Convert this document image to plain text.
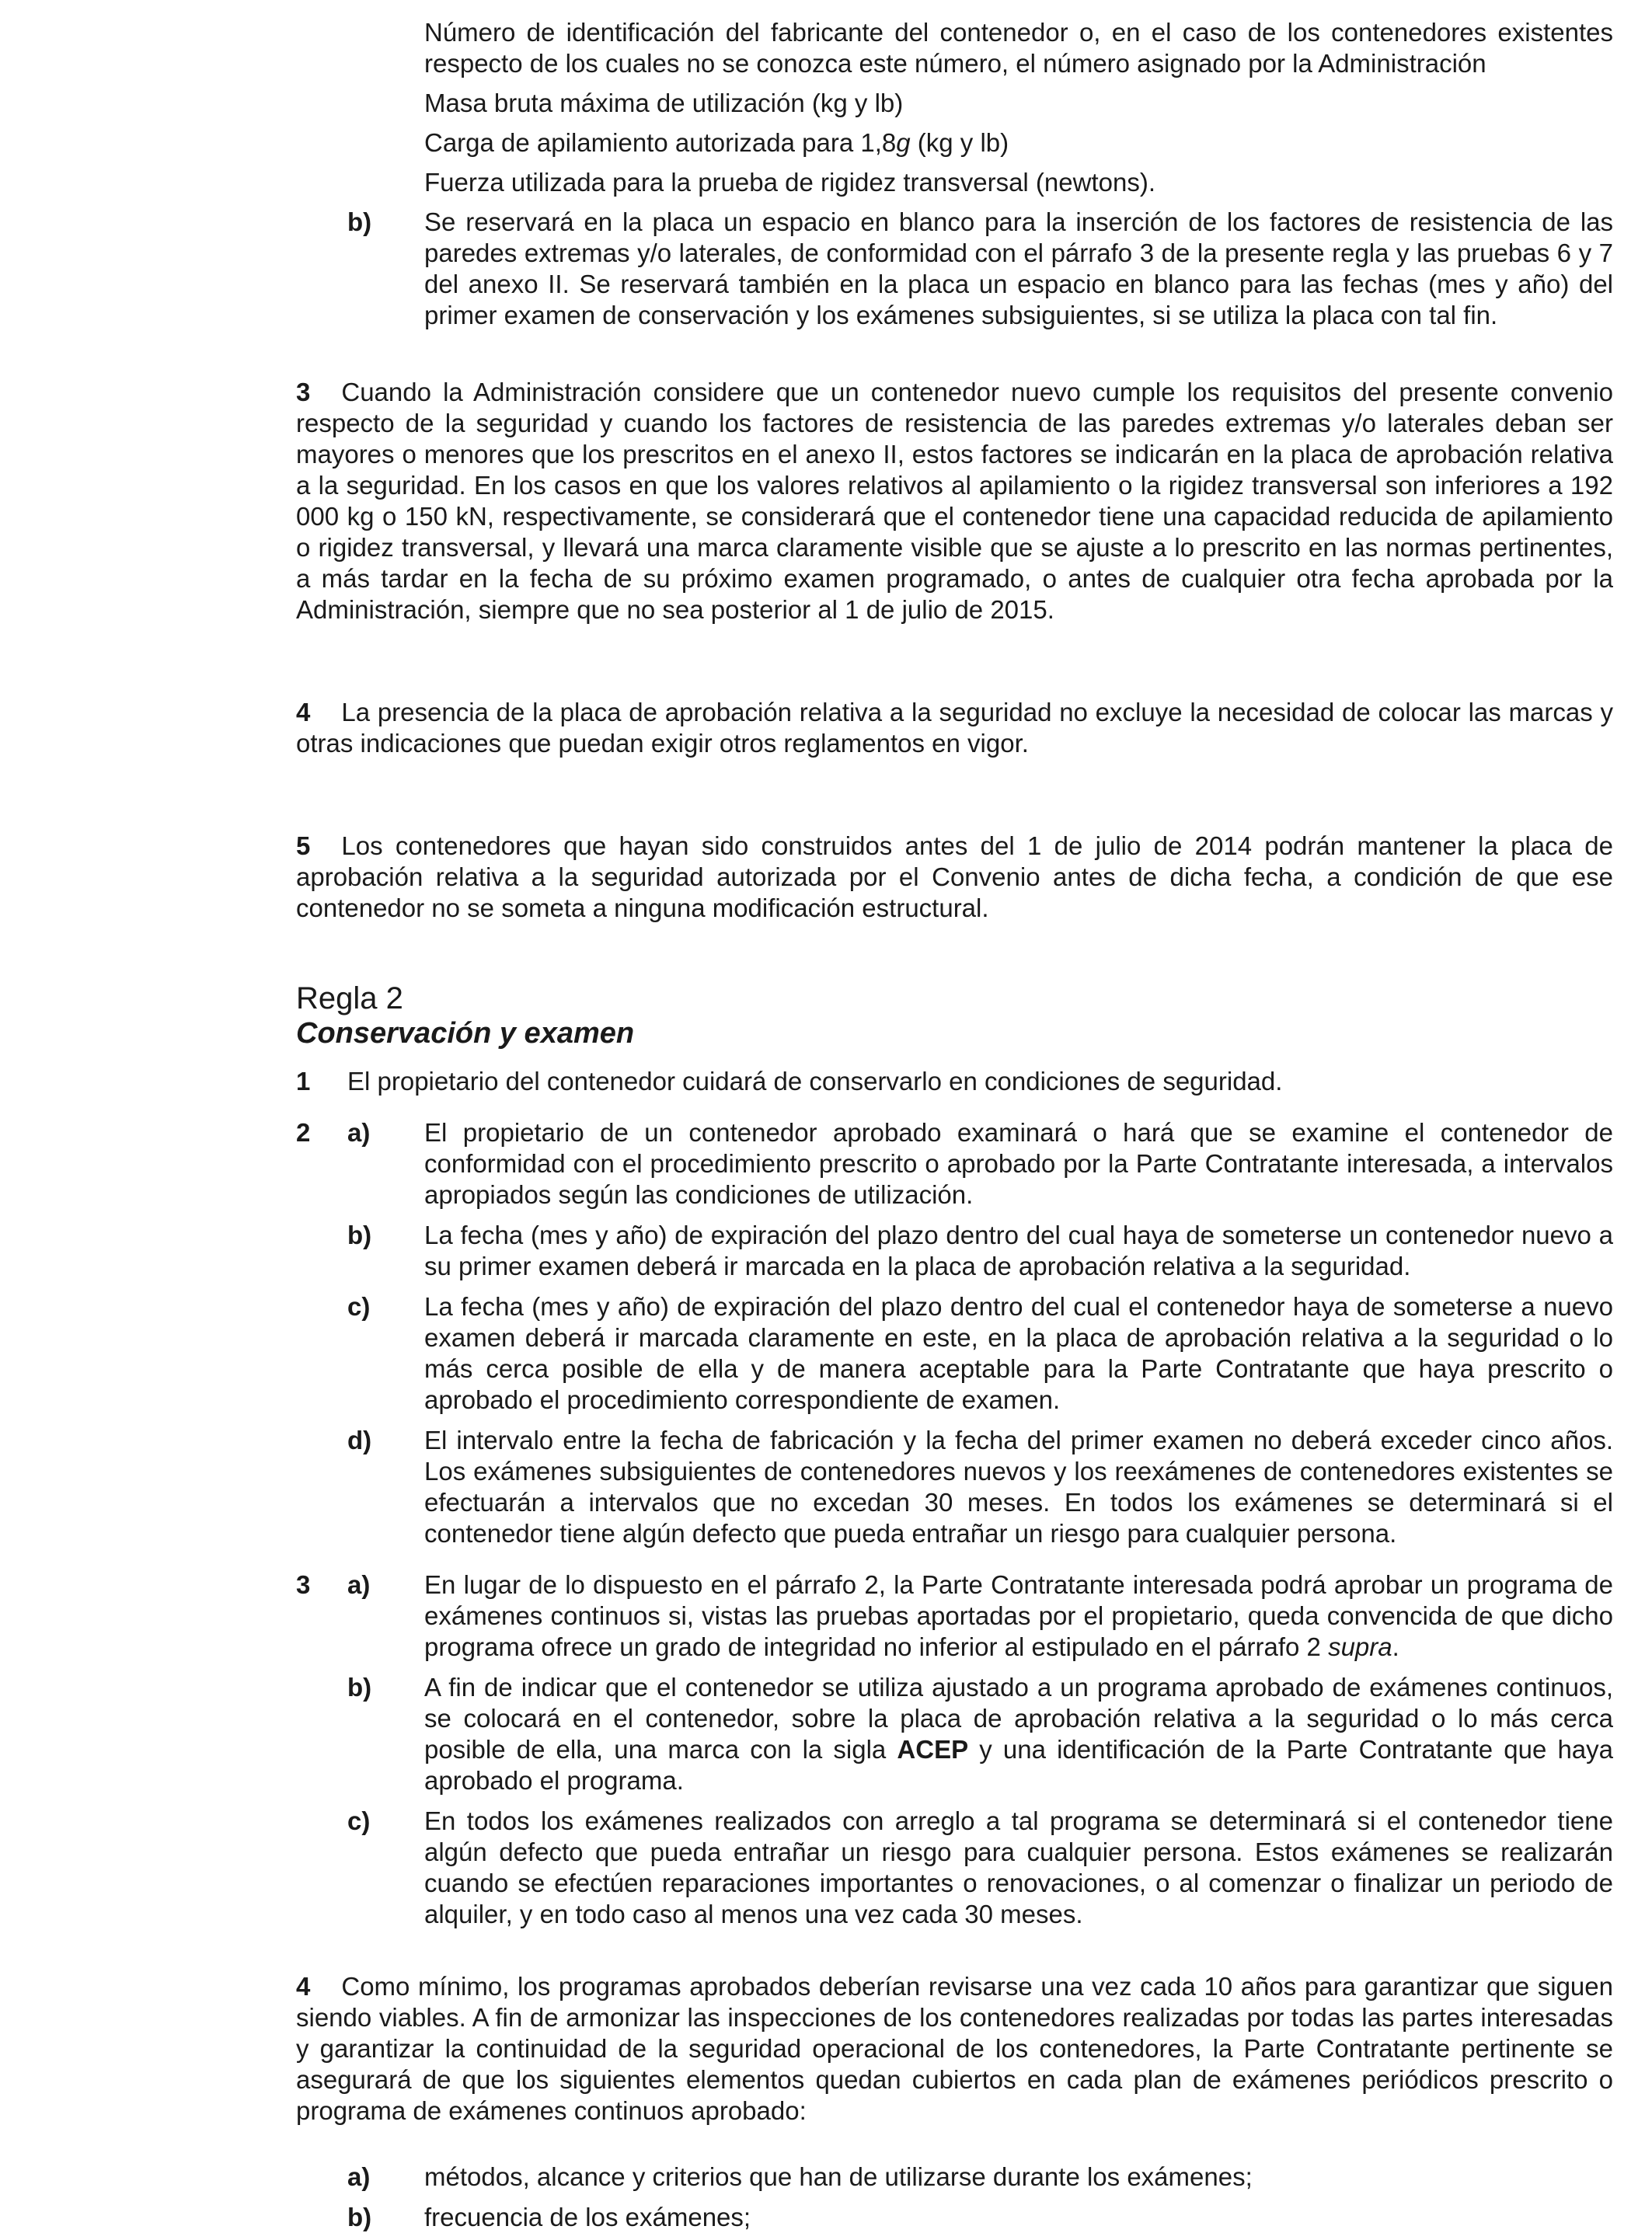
Número de identificación del fabricante del contenedor o, en el caso de los contenedores existentes respecto de los cuales no se conozca este número, el número asignado por la Administración

Masa bruta máxima de utilización (kg y lb)

Carga de apilamiento autorizada para 1,8g (kg y lb)

Fuerza utilizada para la prueba de rigidez transversal (newtons).

b)	Se reservará en la placa un espacio en blanco para la inserción de los factores de resistencia de las paredes extremas y/o laterales, de conformidad con el párrafo 3 de la presente regla y las pruebas 6 y 7 del anexo II. Se reservará también en la placa un espacio en blanco para las fechas (mes y año) del primer examen de conservación y los exámenes subsiguientes, si se utiliza la placa con tal fin.

3 Cuando la Administración considere que un contenedor nuevo cumple los requisitos del presente convenio respecto de la seguridad y cuando los factores de resistencia de las paredes extremas y/o laterales deban ser mayores o menores que los prescritos en el anexo II, estos factores se indicarán en la placa de aprobación relativa a la seguridad. En los casos en que los valores relativos al apilamiento o la rigidez transversal son inferiores a 192 000 kg o 150 kN, respectivamente, se considerará que el contenedor tiene una capacidad reducida de apilamiento o rigidez transversal, y llevará una marca claramente visible que se ajuste a lo prescrito en las normas pertinentes, a más tardar en la fecha de su próximo examen programado, o antes de cualquier otra fecha aprobada por la Administración, siempre que no sea posterior al 1 de julio de 2015.

4 La presencia de la placa de aprobación relativa a la seguridad no excluye la necesidad de colocar las marcas y otras indicaciones que puedan exigir otros reglamentos en vigor.

5 Los contenedores que hayan sido construidos antes del 1 de julio de 2014 podrán mantener la placa de aprobación relativa a la seguridad autorizada por el Convenio antes de dicha fecha, a condición de que ese contenedor no se someta a ninguna modificación estructural.

Regla 2
Conservación y examen
1	El propietario del contenedor cuidará de conservarlo en condiciones de seguridad.
2	a)	El propietario de un contenedor aprobado examinará o hará que se examine el contenedor de conformidad con el procedimiento prescrito o aprobado por la Parte Contratante interesada, a intervalos apropiados según las condiciones de utilización.
b)	La fecha (mes y año) de expiración del plazo dentro del cual haya de someterse un contenedor nuevo a su primer examen deberá ir marcada en la placa de aprobación relativa a la seguridad.
c)	La fecha (mes y año) de expiración del plazo dentro del cual el contenedor haya de someterse a nuevo examen deberá ir marcada claramente en este, en la placa de aprobación relativa a la seguridad o lo más cerca posible de ella y de manera aceptable para la Parte Contratante que haya prescrito o aprobado el procedimiento correspondiente de examen.
d)	El intervalo entre la fecha de fabricación y la fecha del primer examen no deberá exceder cinco años. Los exámenes subsiguientes de contenedores nuevos y los reexámenes de contenedores existentes se efectuarán a intervalos que no excedan 30 meses. En todos los exámenes se determinará si el contenedor tiene algún defecto que pueda entrañar un riesgo para cualquier persona.
3	a)	En lugar de lo dispuesto en el párrafo 2, la Parte Contratante interesada podrá aprobar un programa de exámenes continuos si, vistas las pruebas aportadas por el propietario, queda convencida de que dicho programa ofrece un grado de integridad no inferior al estipulado en el párrafo 2 supra.
b)	A fin de indicar que el contenedor se utiliza ajustado a un programa aprobado de exámenes continuos, se colocará en el contenedor, sobre la placa de aprobación relativa a la seguridad o lo más cerca posible de ella, una marca con la sigla ACEP y una identificación de la Parte Contratante que haya aprobado el programa.
c)	En todos los exámenes realizados con arreglo a tal programa se determinará si el contenedor tiene algún defecto que pueda entrañar un riesgo para cualquier persona. Estos exámenes se realizarán cuando se efectúen reparaciones importantes o renovaciones, o al comenzar o finalizar un periodo de alquiler, y en todo caso al menos una vez cada 30 meses.

4 Como mínimo, los programas aprobados deberían revisarse una vez cada 10 años para garantizar que siguen siendo viables. A fin de armonizar las inspecciones de los contenedores realizadas por todas las partes interesadas y garantizar la continuidad de la seguridad operacional de los contenedores, la Parte Contratante pertinente se asegurará de que los siguientes elementos quedan cubiertos en cada plan de exámenes periódicos prescrito o programa de exámenes continuos aprobado:

a)	métodos, alcance y criterios que han de utilizarse durante los exámenes;
b)	frecuencia de los exámenes;
